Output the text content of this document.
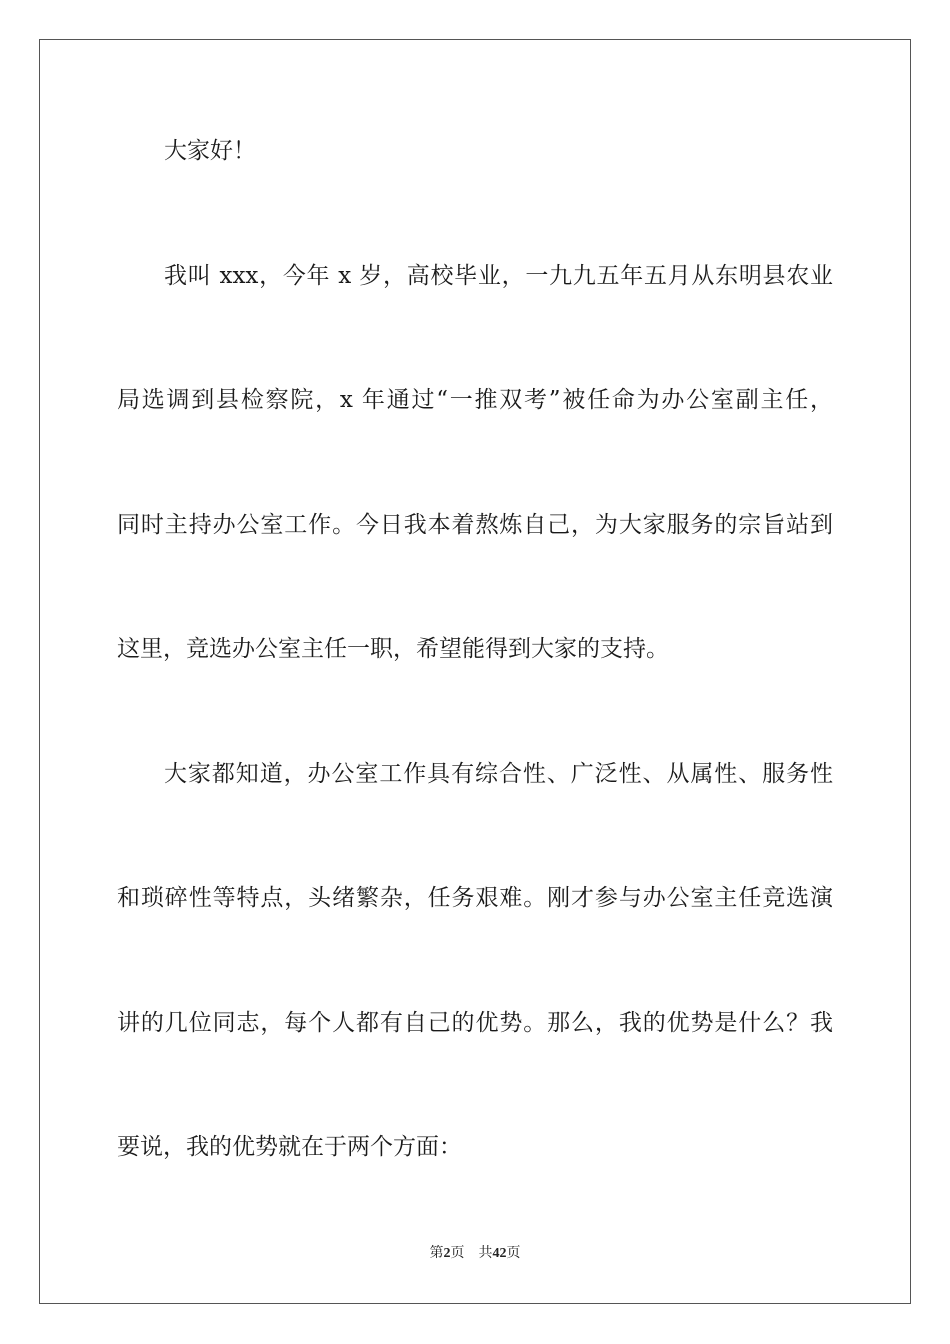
大家好！
我叫 xxx，今年 x 岁，高校毕业，一九九五年五月从东明县农业
局选调到县检察院，x 年通过“一推双考”被任命为办公室副主任，
同时主持办公室工作。今日我本着熬炼自己，为大家服务的宗旨站到
这里，竞选办公室主任一职，希望能得到大家的支持。
大家都知道，办公室工作具有综合性、广泛性、从属性、服务性
和琐碎性等特点，头绪繁杂，任务艰难。刚才参与办公室主任竞选演
讲的几位同志，每个人都有自己的优势。那么，我的优势是什么？我
要说，我的优势就在于两个方面：
第2页 共42页
